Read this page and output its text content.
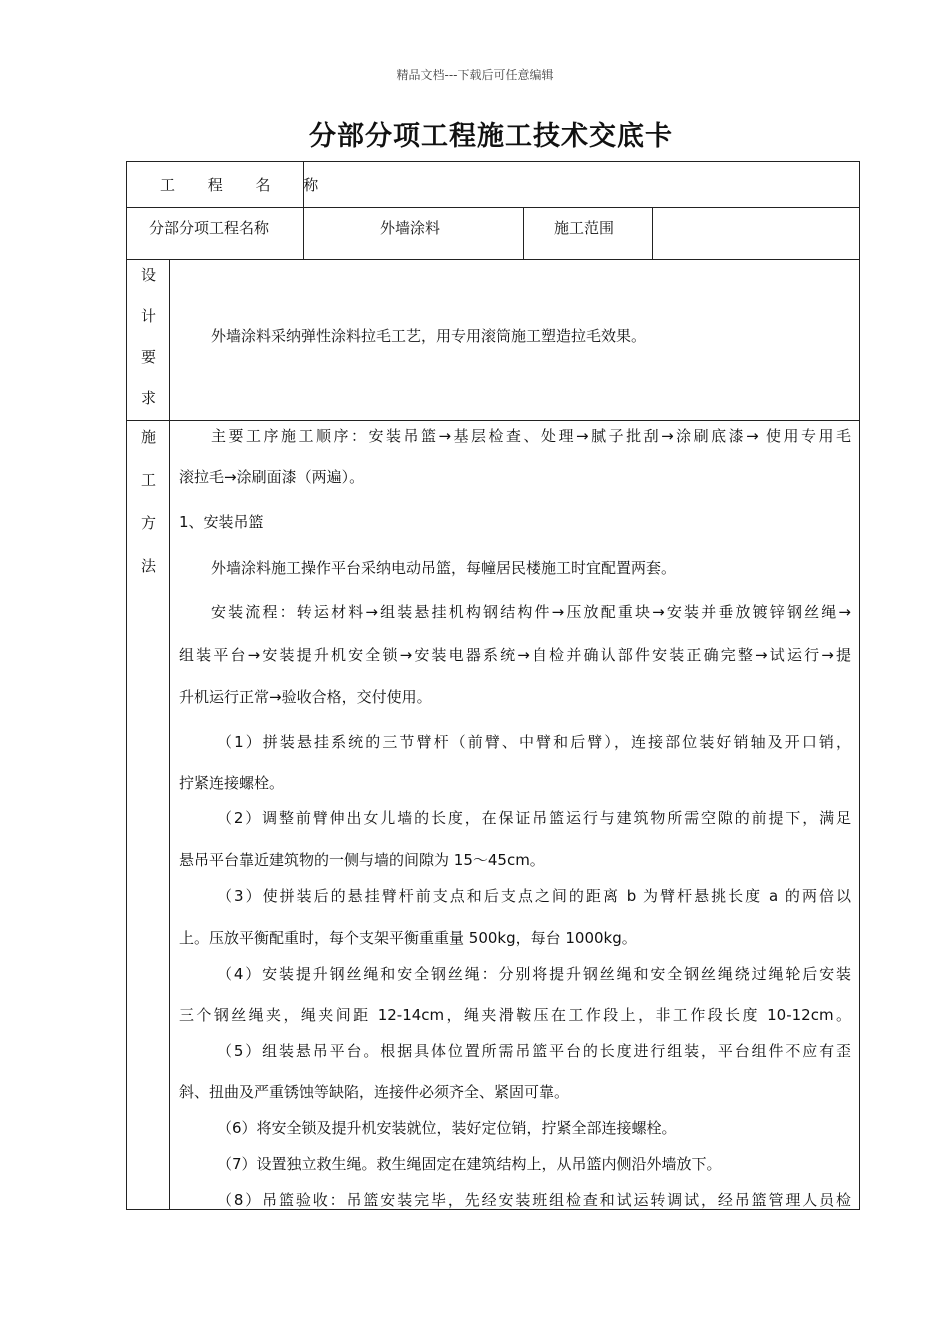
精品文档---下载后可任意编辑
分部分项工程施工技术交底卡
工 程 名 称
分部分项工程名称	外墙涂料	施工范围
设
计
要
求
外墙涂料采纳弹性涂料拉毛工艺，用专用滚筒施工塑造拉毛效果。
施
工
方
法
主要工序施工顺序：安装吊篮→基层检查、处理→腻子批刮→涂刷底漆→ 使用专用毛
滚拉毛→涂刷面漆（两遍）。
1、安装吊篮
外墙涂料施工操作平台采纳电动吊篮，每幢居民楼施工时宜配置两套。
安装流程：转运材料→组装悬挂机构钢结构件→压放配重块→安装并垂放镀锌钢丝绳→
组装平台→安装提升机安全锁→安装电器系统→自检并确认部件安装正确完整→试运行→提
升机运行正常→验收合格，交付使用。
（1）拼装悬挂系统的三节臂杆（前臂、中臂和后臂），连接部位装好销轴及开口销，
拧紧连接螺栓。
（2）调整前臂伸出女儿墙的长度，在保证吊篮运行与建筑物所需空隙的前提下，满足
悬吊平台靠近建筑物的一侧与墙的间隙为 15～45cm。
（3）使拼装后的悬挂臂杆前支点和后支点之间的距离 b 为臂杆悬挑长度 a 的两倍以
上。压放平衡配重时，每个支架平衡重重量 500kg，每台 1000kg。
（4）安装提升钢丝绳和安全钢丝绳：分别将提升钢丝绳和安全钢丝绳绕过绳轮后安装
三个钢丝绳夹，绳夹间距 12-14cm，绳夹滑鞍压在工作段上，非工作段长度 10-12cm。
（5）组装悬吊平台。根据具体位置所需吊篮平台的长度进行组装，平台组件不应有歪
斜、扭曲及严重锈蚀等缺陷，连接件必须齐全、紧固可靠。
（6）将安全锁及提升机安装就位，装好定位销，拧紧全部连接螺栓。
（7）设置独立救生绳。救生绳固定在建筑结构上，从吊篮内侧沿外墙放下。
（8）吊篮验收：吊篮安装完毕，先经安装班组检查和试运转调试，经吊篮管理人员检
